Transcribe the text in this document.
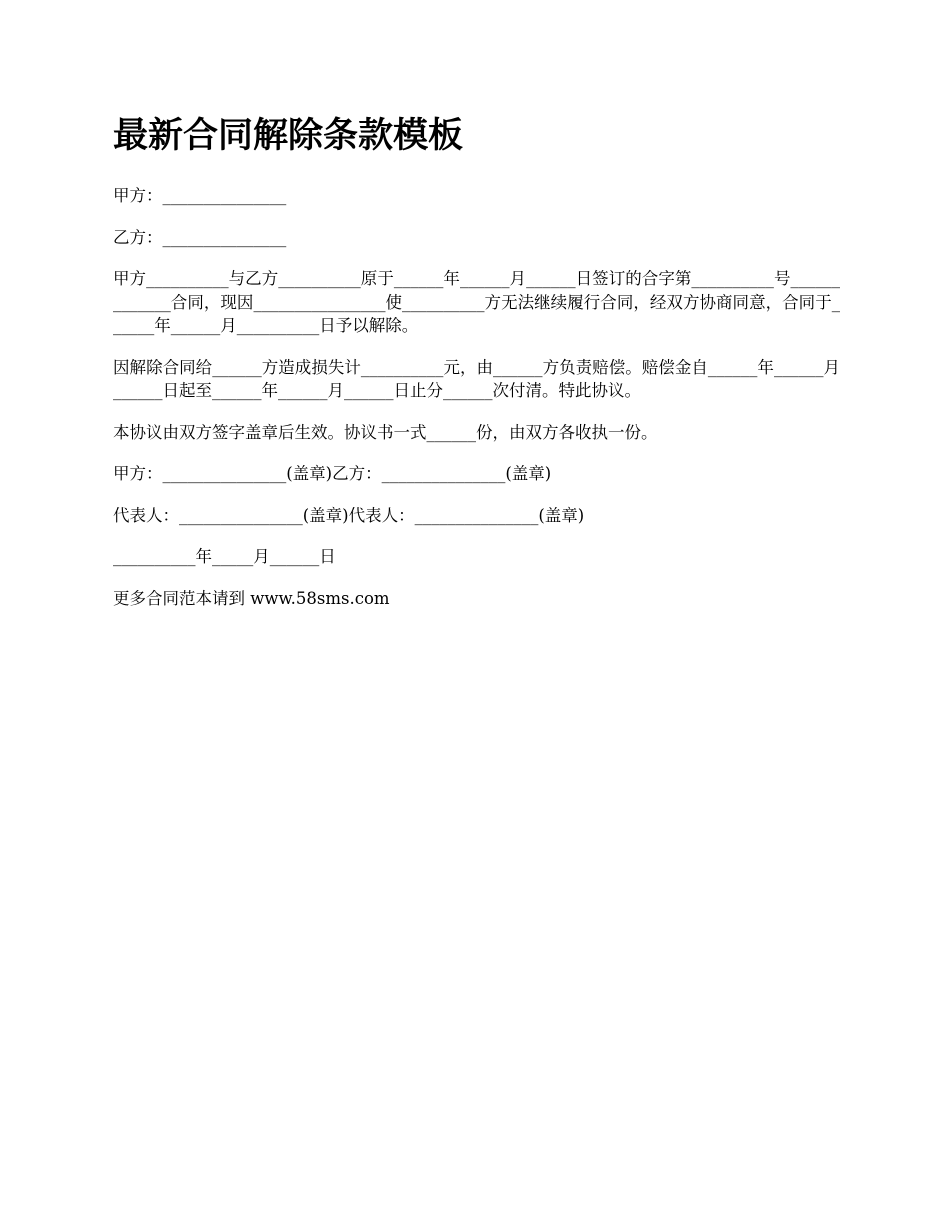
最新合同解除条款模板
甲方：_______________
乙方：_______________
甲方__________与乙方__________原于______年______月______日签订的合字第__________号_____________合同，现因________________使__________方无法继续履行合同，经双方协商同意，合同于______年______月__________日予以解除。
因解除合同给______方造成损失计__________元，由______方负责赔偿。赔偿金自______年______月______日起至______年______月______日止分______次付清。特此协议。
本协议由双方签字盖章后生效。协议书一式______份，由双方各收执一份。
甲方：_______________(盖章)乙方：_______________(盖章)
代表人：_______________(盖章)代表人：_______________(盖章)
__________年_____月______日
更多合同范本请到 www.58sms.com
